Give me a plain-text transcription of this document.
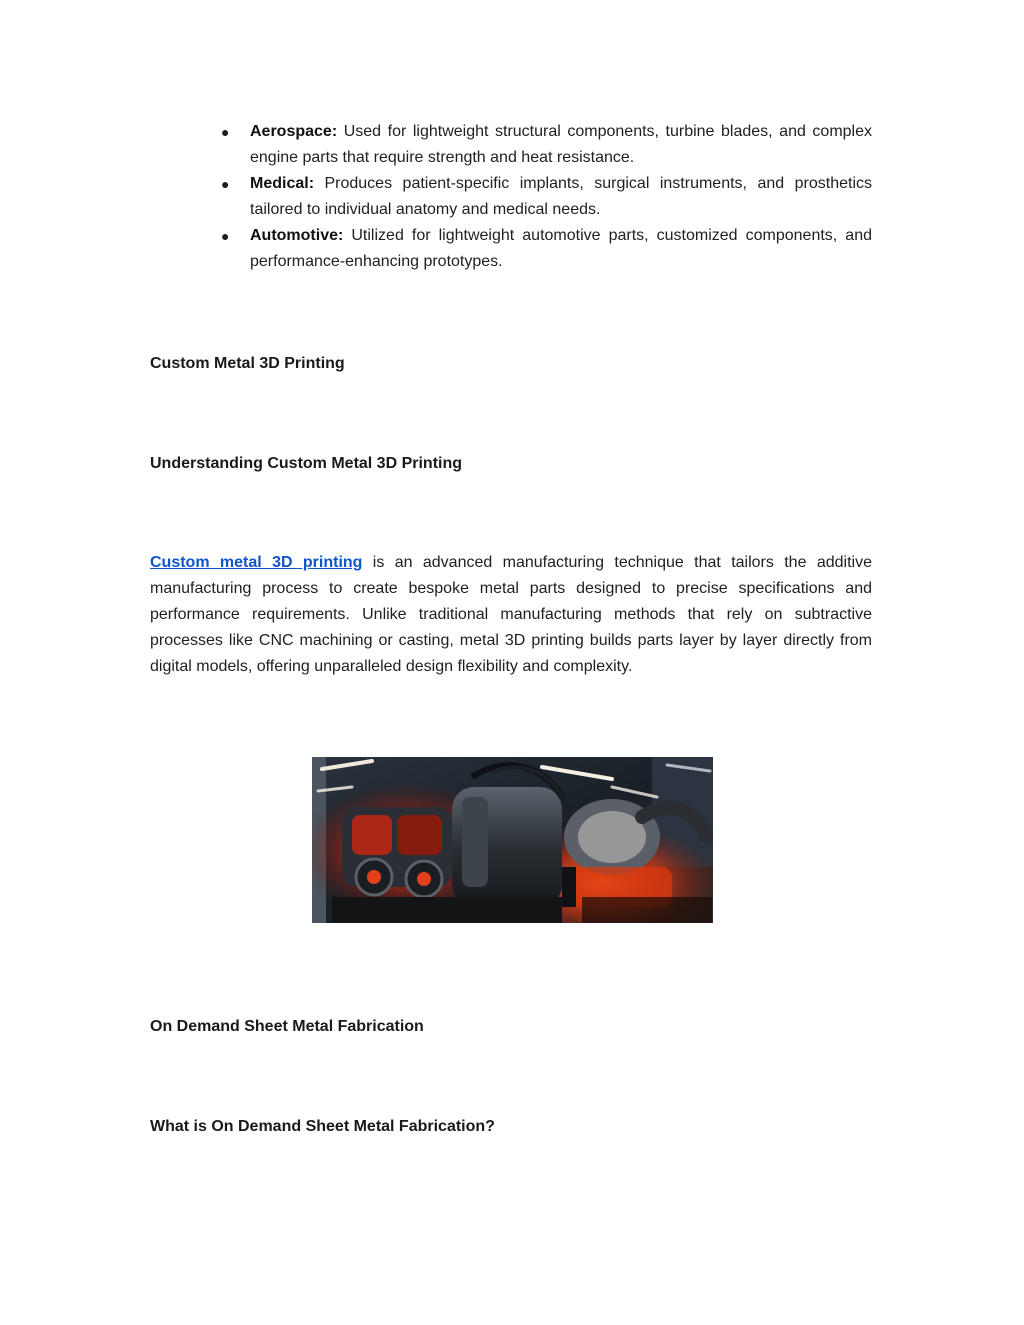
● Aerospace: Used for lightweight structural components, turbine blades, and complex engine parts that require strength and heat resistance.
● Medical: Produces patient-specific implants, surgical instruments, and prosthetics tailored to individual anatomy and medical needs.
● Automotive: Utilized for lightweight automotive parts, customized components, and performance-enhancing prototypes.
Custom Metal 3D Printing
Understanding Custom Metal 3D Printing

Custom metal 3D printing is an advanced manufacturing technique that tailors the additive manufacturing process to create bespoke metal parts designed to precise specifications and performance requirements. Unlike traditional manufacturing methods that rely on subtractive processes like CNC machining or casting, metal 3D printing builds parts layer by layer directly from digital models, offering unparalleled design flexibility and complexity.

On Demand Sheet Metal Fabrication
What is On Demand Sheet Metal Fabrication?
